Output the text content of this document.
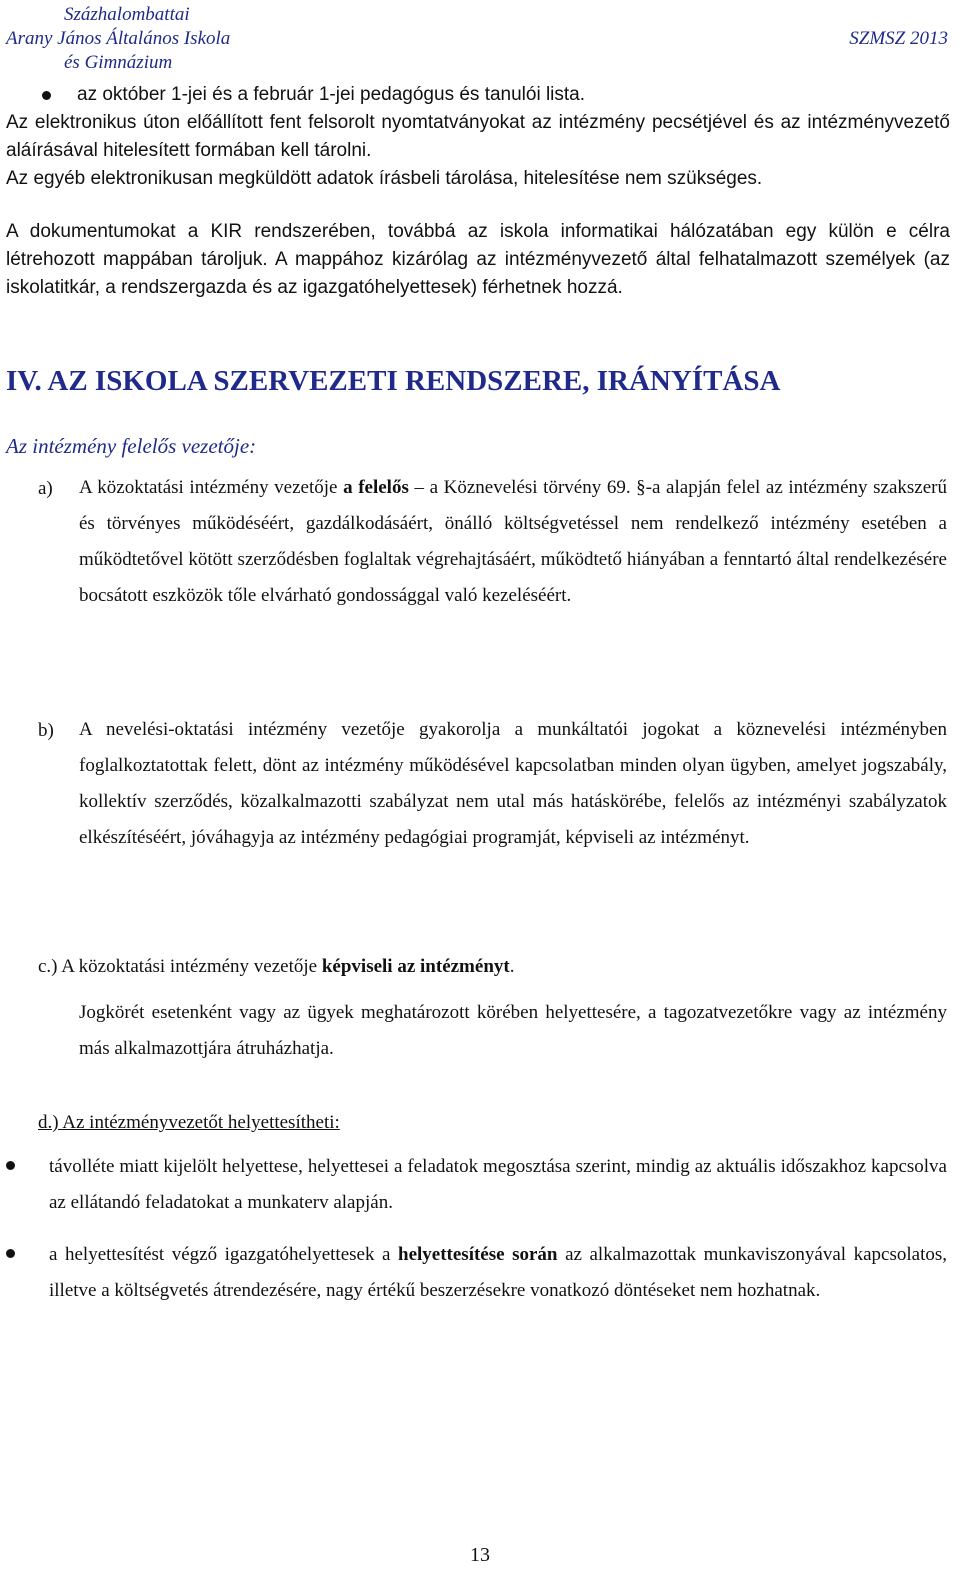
Százhalombattai
Arany János Általános Iskola
és Gimnázium
SZMSZ 2013
az október 1-jei és a február 1-jei pedagógus és tanulói lista.
Az elektronikus úton előállított fent felsorolt nyomtatványokat az intézmény pecsétjével és az intézményvezető aláírásával hitelesített formában kell tárolni.
Az egyéb elektronikusan megküldött adatok írásbeli tárolása, hitelesítése nem szükséges.
A dokumentumokat a KIR rendszerében, továbbá az iskola informatikai hálózatában egy külön e célra létrehozott mappában tároljuk. A mappához kizárólag az intézményvezető által felhatalmazott személyek (az iskolatitkár, a rendszergazda és az igazgatóhelyettesek) férhetnek hozzá.
IV. AZ ISKOLA SZERVEZETI RENDSZERE, IRÁNYÍTÁSA
Az intézmény felelős vezetője:
a) A közoktatási intézmény vezetője a felelős – a Köznevelési törvény 69. §-a alapján felel az intézmény szakszerű és törvényes működéséért, gazdálkodásáért, önálló költségvetéssel nem rendelkező intézmény esetében a működtetővel kötött szerződésben foglaltak végrehajtásáért, működtető hiányában a fenntartó által rendelkezésére bocsátott eszközök tőle elvárható gondossággal való kezeléséért.
b) A nevelési-oktatási intézmény vezetője gyakorolja a munkáltatói jogokat a köznevelési intézményben foglalkoztatottak felett, dönt az intézmény működésével kapcsolatban minden olyan ügyben, amelyet jogszabály, kollektív szerződés, közalkalmazotti szabályzat nem utal más hatáskörébe, felelős az intézményi szabályzatok elkészítéséért, jóváhagyja az intézmény pedagógiai programját, képviseli az intézményt.
c.) A közoktatási intézmény vezetője képviseli az intézményt.
Jogkörét esetenként vagy az ügyek meghatározott körében helyettesére, a tagozatvezetőkre vagy az intézmény más alkalmazottjára átruházhatja.
d.) Az intézményvezetőt helyettesítheti:
távolléte miatt kijelölt helyettese, helyettesei a feladatok megosztása szerint, mindig az aktuális időszakhoz kapcsolva az ellátandó feladatokat a munkaterv alapján.
a helyettesítést végző igazgatóhelyettesek a helyettesítése során az alkalmazottak munkaviszonyával kapcsolatos, illetve a költségvetés átrendezésére, nagy értékű beszerzésekre vonatkozó döntéseket nem hozhatnak.
13
